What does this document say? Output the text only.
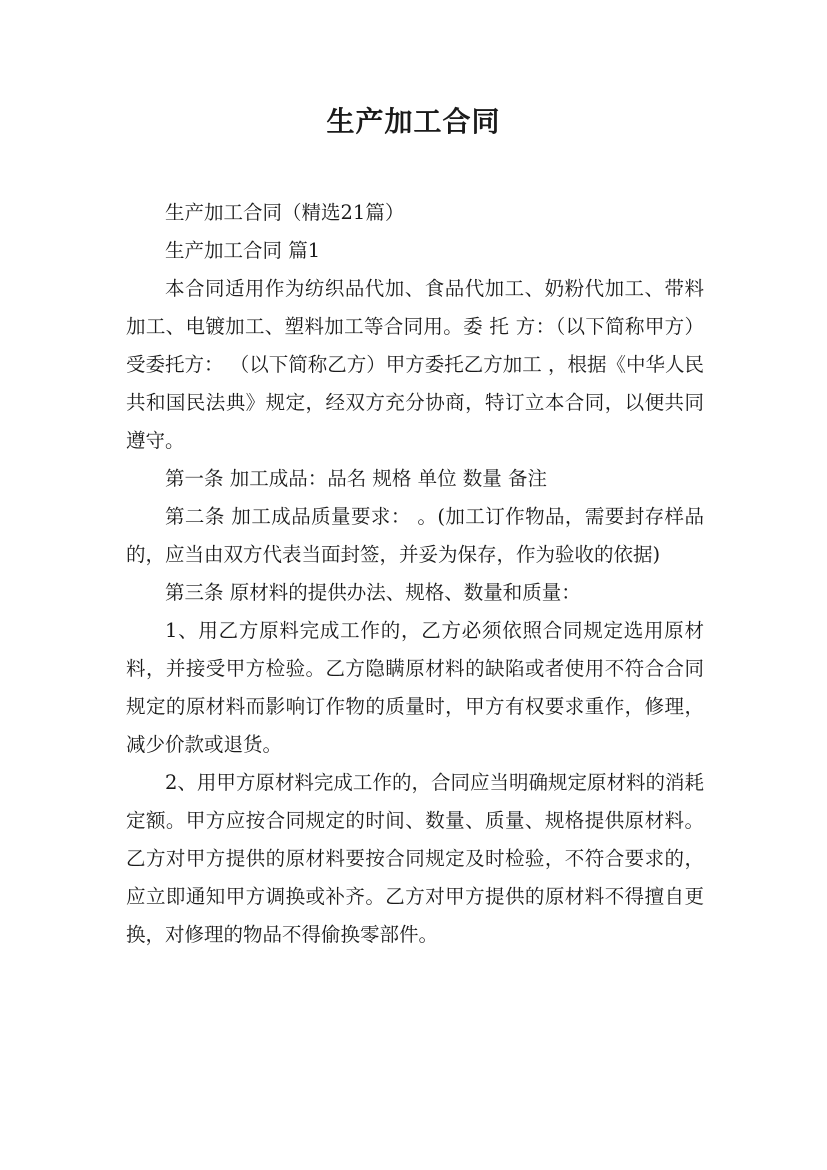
生产加工合同

生产加工合同（精选21篇）

生产加工合同 篇1

本合同适用作为纺织品代加、食品代加工、奶粉代加工、带料加工、电镀加工、塑料加工等合同用。委 托 方：（以下简称甲方）受委托方： （以下简称乙方）甲方委托乙方加工 ，根据《中华人民共和国民法典》规定，经双方充分协商，特订立本合同，以便共同遵守。

第一条 加工成品：品名 规格 单位 数量 备注

第二条 加工成品质量要求： 。(加工订作物品，需要封存样品的，应当由双方代表当面封签，并妥为保存，作为验收的依据)

第三条 原材料的提供办法、规格、数量和质量：

1、用乙方原料完成工作的，乙方必须依照合同规定选用原材料，并接受甲方检验。乙方隐瞒原材料的缺陷或者使用不符合合同规定的原材料而影响订作物的质量时，甲方有权要求重作，修理，减少价款或退货。

2、用甲方原材料完成工作的，合同应当明确规定原材料的消耗定额。甲方应按合同规定的时间、数量、质量、规格提供原材料。乙方对甲方提供的原材料要按合同规定及时检验，不符合要求的，应立即通知甲方调换或补齐。乙方对甲方提供的原材料不得擅自更换，对修理的物品不得偷换零部件。
